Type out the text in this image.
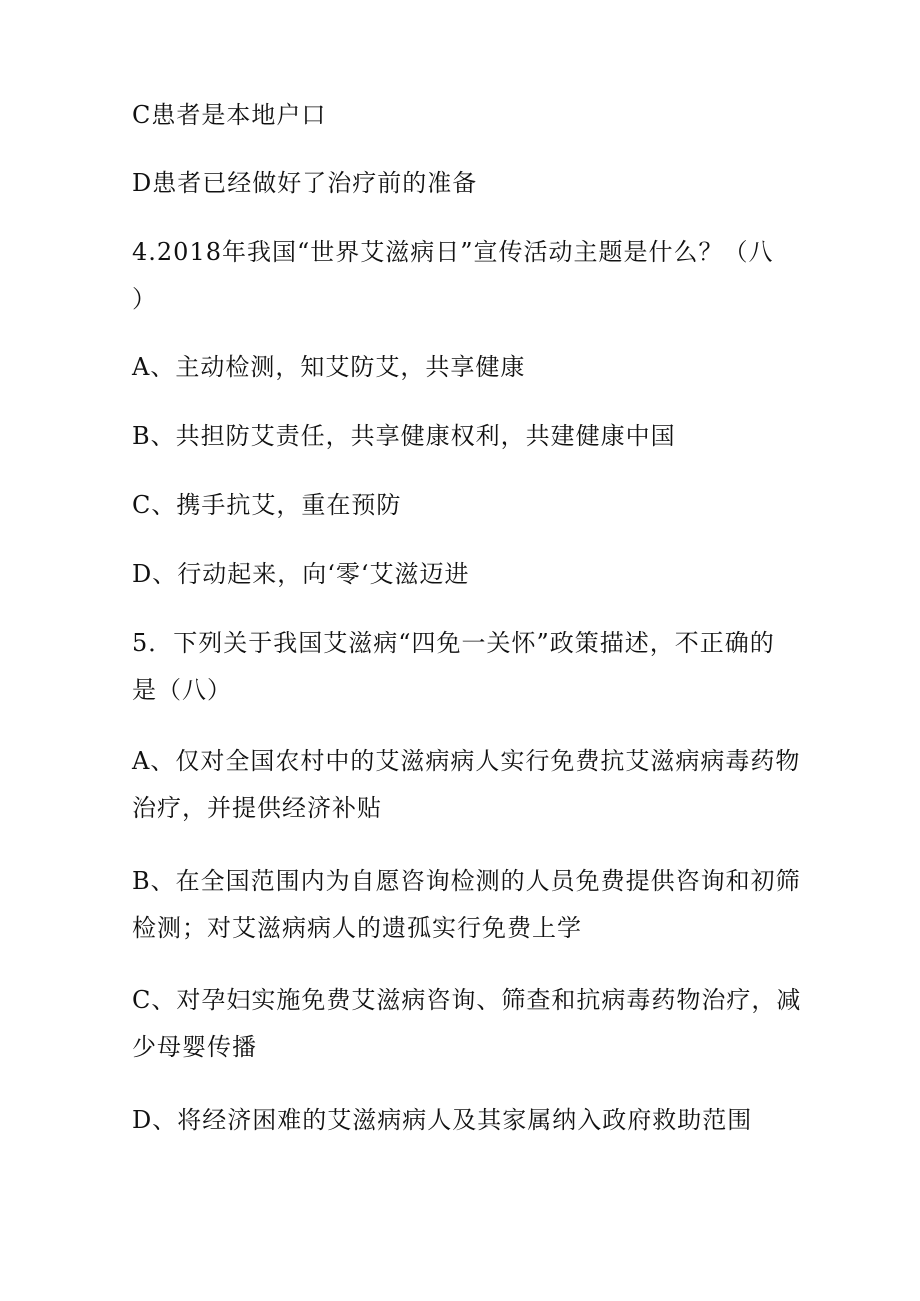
C患者是本地户口
D患者已经做好了治疗前的准备
4.2018年我国“世界艾滋病日”宣传活动主题是什么？（八
）
A、主动检测，知艾防艾，共享健康
B、共担防艾责任，共享健康权利，共建健康中国
C、携手抗艾，重在预防
D、行动起来，向‘零‘艾滋迈进
5．下列关于我国艾滋病“四免一关怀”政策描述，不正确的
是（八）
A、仅对全国农村中的艾滋病病人实行免费抗艾滋病病毒药物
治疗，并提供经济补贴
B、在全国范围内为自愿咨询检测的人员免费提供咨询和初筛
检测；对艾滋病病人的遗孤实行免费上学
C、对孕妇实施免费艾滋病咨询、筛查和抗病毒药物治疗，减
少母婴传播
D、将经济困难的艾滋病病人及其家属纳入政府救助范围
